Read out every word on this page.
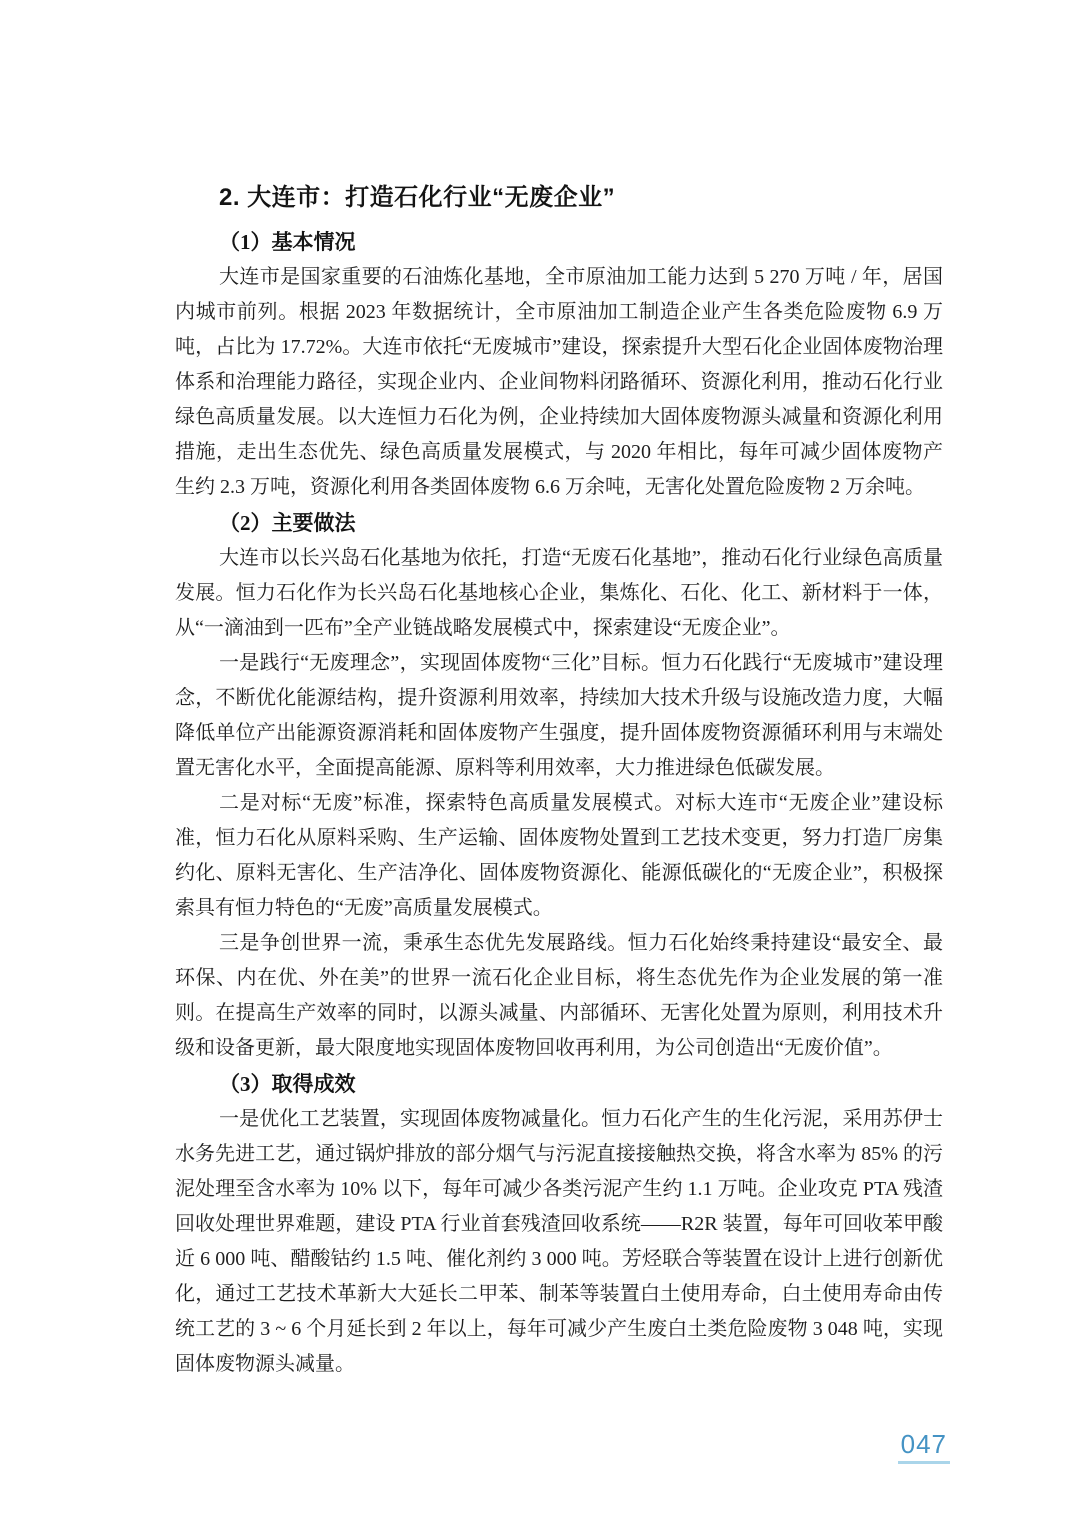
2. 大连市：打造石化行业“无废企业”
（1）基本情况

大连市是国家重要的石油炼化基地，全市原油加工能力达到 5 270 万吨 / 年，居国内城市前列。根据 2023 年数据统计，全市原油加工制造企业产生各类危险废物 6.9 万吨，占比为 17.72%。大连市依托“无废城市”建设，探索提升大型石化企业固体废物治理体系和治理能力路径，实现企业内、企业间物料闭路循环、资源化利用，推动石化行业绿色高质量发展。以大连恒力石化为例，企业持续加大固体废物源头减量和资源化利用措施，走出生态优先、绿色高质量发展模式，与 2020 年相比，每年可减少固体废物产生约 2.3 万吨，资源化利用各类固体废物 6.6 万余吨，无害化处置危险废物 2 万余吨。

（2）主要做法

大连市以长兴岛石化基地为依托，打造“无废石化基地”，推动石化行业绿色高质量发展。恒力石化作为长兴岛石化基地核心企业，集炼化、石化、化工、新材料于一体，从“一滴油到一匹布”全产业链战略发展模式中，探索建设“无废企业”。

一是践行“无废理念”，实现固体废物“三化”目标。恒力石化践行“无废城市”建设理念，不断优化能源结构，提升资源利用效率，持续加大技术升级与设施改造力度，大幅降低单位产出能源资源消耗和固体废物产生强度，提升固体废物资源循环利用与末端处置无害化水平，全面提高能源、原料等利用效率，大力推进绿色低碳发展。

二是对标“无废”标准，探索特色高质量发展模式。对标大连市“无废企业”建设标准，恒力石化从原料采购、生产运输、固体废物处置到工艺技术变更，努力打造厂房集约化、原料无害化、生产洁净化、固体废物资源化、能源低碳化的“无废企业”，积极探索具有恒力特色的“无废”高质量发展模式。

三是争创世界一流，秉承生态优先发展路线。恒力石化始终秉持建设“最安全、最环保、内在优、外在美”的世界一流石化企业目标，将生态优先作为企业发展的第一准则。在提高生产效率的同时，以源头减量、内部循环、无害化处置为原则，利用技术升级和设备更新，最大限度地实现固体废物回收再利用，为公司创造出“无废价值”。

（3）取得成效

一是优化工艺装置，实现固体废物减量化。恒力石化产生的生化污泥，采用苏伊士水务先进工艺，通过锅炉排放的部分烟气与污泥直接接触热交换，将含水率为 85% 的污泥处理至含水率为 10% 以下，每年可减少各类污泥产生约 1.1 万吨。企业攻克 PTA 残渣回收处理世界难题，建设 PTA 行业首套残渣回收系统——R2R 装置，每年可回收苯甲酸近 6 000 吨、醋酸钴约 1.5 吨、催化剂约 3 000 吨。芳烃联合等装置在设计上进行创新优化，通过工艺技术革新大大延长二甲苯、制苯等装置白土使用寿命，白土使用寿命由传统工艺的 3 ~ 6 个月延长到 2 年以上，每年可减少产生废白土类危险废物 3 048 吨，实现固体废物源头减量。

047
